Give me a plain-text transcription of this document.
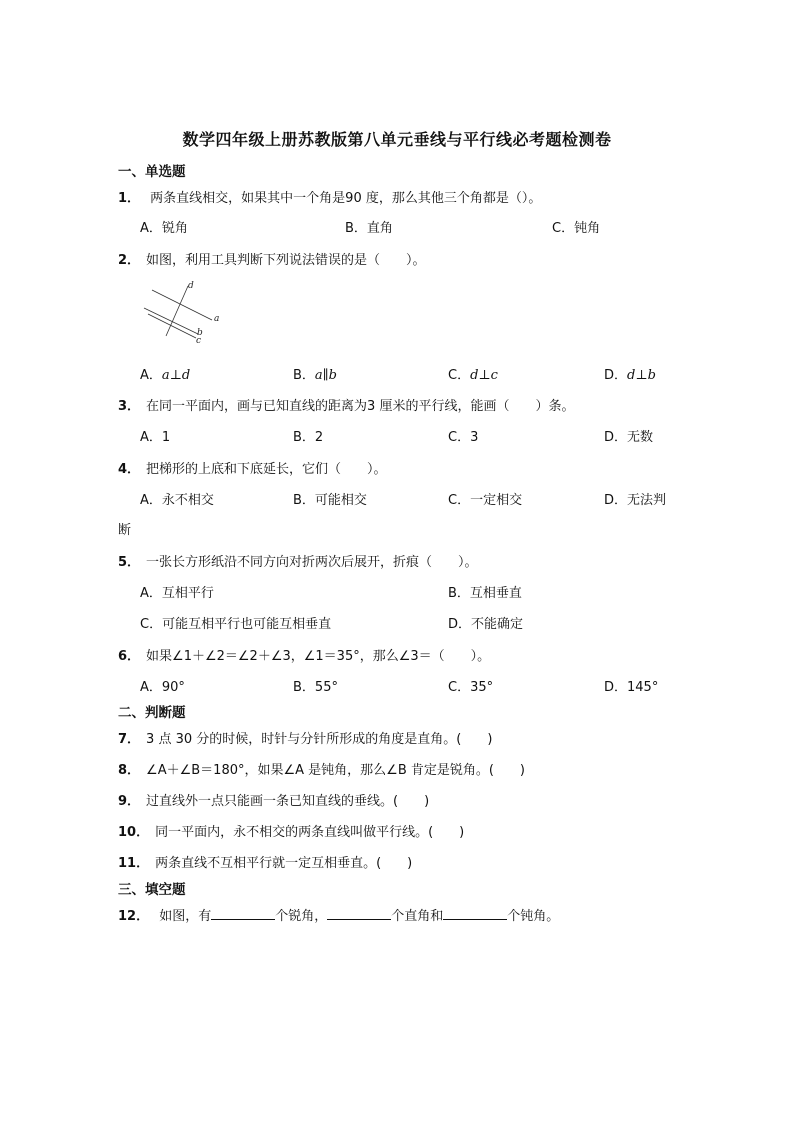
数学四年级上册苏教版第八单元垂线与平行线必考题检测卷
一、单选题
1． 两条直线相交，如果其中一个角是90 度，那么其他三个角都是（）。
A．锐角	B．直角	C．钝角
2． 如图，利用工具判断下列说法错误的是（　　）。
d
a
b
c
A．a⊥d	B．a∥b	C．d⊥c	D．d⊥b
3． 在同一平面内，画与已知直线的距离为3 厘米的平行线，能画（　　）条。
A．1	B．2	C．3	D．无数
4． 把梯形的上底和下底延长，它们（　　）。
A．永不相交	B．可能相交	C．一定相交	D．无法判
断
5． 一张长方形纸沿不同方向对折两次后展开，折痕（　　）。
A．互相平行	B．互相垂直
C．可能互相平行也可能互相垂直	D．不能确定
6． 如果∠1＋∠2＝∠2＋∠3，∠1＝35°，那么∠3＝（　　）。
A．90°	B．55°	C．35°	D．145°
二、判断题
7． 3 点 30 分的时候，时针与分针所形成的角度是直角。(　　)
8． ∠A＋∠B＝180°，如果∠A 是钝角，那么∠B 肯定是锐角。(　　)
9． 过直线外一点只能画一条已知直线的垂线。(　　)
10． 同一平面内，永不相交的两条直线叫做平行线。(　　)
11． 两条直线不互相平行就一定互相垂直。(　　)
三、填空题
12． 如图，有	个锐角，	个直角和	个钝角。
